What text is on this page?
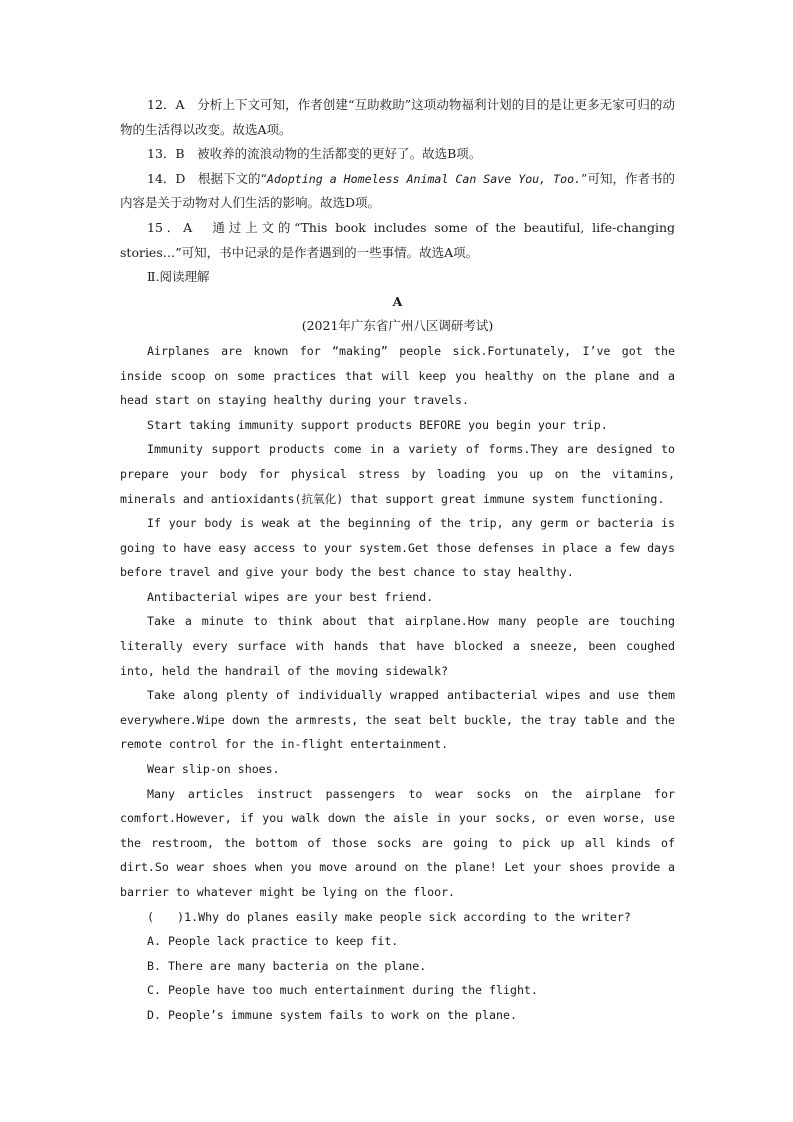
12．A　分析上下文可知，作者创建“互助救助”这项动物福利计划的目的是让更多无家可归的动物的生活得以改变。故选A项。

13．B　被收养的流浪动物的生活都变的更好了。故选B项。

14．D　根据下文的“Adopting a Homeless Animal Can Save You, Too.”可知，作者书的内容是关于动物对人们生活的影响。故选D项。

15．A　通过上文的“This book includes some of the beautiful, life-changing stories…”可知，书中记录的是作者遇到的一些事情。故选A项。

Ⅱ.阅读理解

A

(2021年广东省广州八区调研考试)

Airplanes are known for “making” people sick.Fortunately, I’ve got the inside scoop on some practices that will keep you healthy on the plane and a head start on staying healthy during your travels.

Start taking immunity support products BEFORE you begin your trip.

Immunity support products come in a variety of forms.They are designed to prepare your body for physical stress by loading you up on the vitamins, minerals and antioxidants(抗氧化) that support great immune system functioning.

If your body is weak at the beginning of the trip, any germ or bacteria is going to have easy access to your system.Get those defenses in place a few days before travel and give your body the best chance to stay healthy.

Antibacterial wipes are your best friend.

Take a minute to think about that airplane.How many people are touching literally every surface with hands that have blocked a sneeze, been coughed into, held the handrail of the moving sidewalk?

Take along plenty of individually wrapped antibacterial wipes and use them everywhere.Wipe down the armrests, the seat belt buckle, the tray table and the remote control for the in-flight entertainment.

Wear slip-on shoes.

Many articles instruct passengers to wear socks on the airplane for comfort.However, if you walk down the aisle in your socks, or even worse, use the restroom, the bottom of those socks are going to pick up all kinds of dirt.So wear shoes when you move around on the plane! Let your shoes provide a barrier to whatever might be lying on the floor.

(　　)1.Why do planes easily make people sick according to the writer?

A. People lack practice to keep fit.

B. There are many bacteria on the plane.

C. People have too much entertainment during the flight.

D. People’s immune system fails to work on the plane.
